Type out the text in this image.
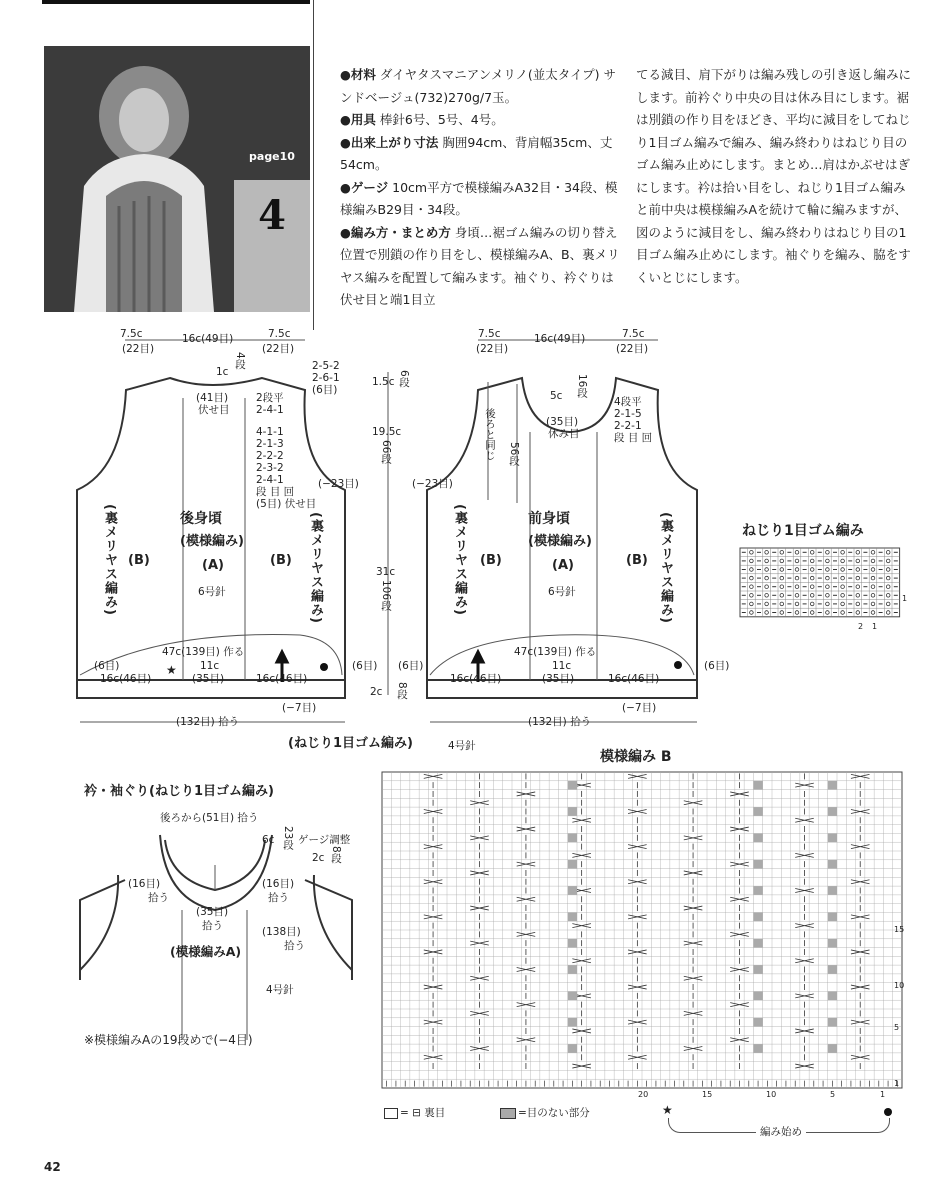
page10
4

●材料 ダイヤタスマニアンメリノ(並太タイプ) サンドベージュ(732)270g/7玉。

●用具 棒針6号、5号、4号。

●出来上がり寸法 胸囲94cm、背肩幅35cm、丈54cm。

●ゲージ 10cm平方で模様編みA32目・34段、模様編みB29目・34段。

●編み方・まとめ方 身頃…裾ゴム編みの切り替え位置で別鎖の作り目をし、模様編みA、B、裏メリヤス編みを配置して編みます。袖ぐり、衿ぐりは伏せ目と端1目立

てる減目、肩下がりは編み残しの引き返し編みにします。前衿ぐり中央の目は休み目にします。裾は別鎖の作り目をほどき、平均に減目をしてねじり1目ゴム編みで編み、編み終わりはねじり目のゴム編み止めにします。まとめ…肩はかぶせはぎにします。衿は拾い目をし、ねじり1目ゴム編みと前中央は模様編みAを続けて輪に編みますが、図のように減目をし、編み終わりはねじり目の1目ゴム編み止めにします。袖ぐりを編み、脇をすくいとじにします。

7.5c
(22目)
16c(49目)	7.5c
(22目)
1c
4段
(41目)
伏せ目
2段平
2-4-1
2-5-2
2-6-1
(6目)
4-1-1
2-1-3
2-2-2
2-3-2
2-4-1
段 目 回
(5目) 伏せ目
(−23目)
後身頃
(模様編み)
(A)
6号針
(B)	(B)
(裏メリヤス編み)	(裏メリヤス編み)
47c(139目) 作る
(6目)	(6目)
11c
(35目)
16c(46目)	16c(46目)
(−7目)
(132目) 拾う
★
1.5c 6段
19.5c
66段
31c
106段
2c 8段
7.5c
(22目)
16c(49目)	7.5c
(22目)
5c 16段
(35目)
休み目
後ろと同じ 56段
4段平
2-1-5
2-2-1
段 目 回
(−23目)
前身頃
(模様編み)
(A)
6号針
(B)	(B)
(裏メリヤス編み)	(裏メリヤス編み)
47c(139目) 作る
(6目)	(6目)
11c
(35目)
16c(46目)	16c(46目)
(−7目)
(132目) 拾う
(ねじり1目ゴム編み)	4号針
ねじり1目ゴム編み
1
2 1
模様編み B
15
10
5
1
20	15	10	5	1
= ⊟ 裏目	=目のない部分	★
編み始め
衿・袖ぐり(ねじり1目ゴム編み)
後ろから(51目) 拾う
6c 23段 ゲージ調整
2c 8段
(16目)
拾う
(16目)
拾う
(35目)
拾う	(138目)
拾う
(模様編みA)
4号針
※模様編みAの19段めで(−4目)
42
